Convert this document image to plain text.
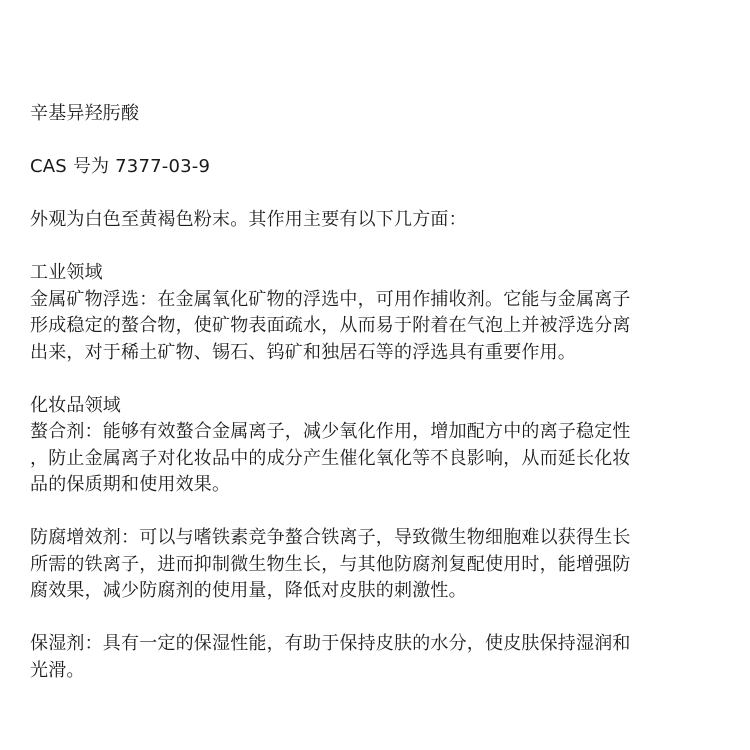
辛基异羟肟酸
CAS 号为 7377-03-9
外观为白色至黄褐色粉末。其作用主要有以下几方面：
工业领域
金属矿物浮选：在金属氧化矿物的浮选中，可用作捕收剂。它能与金属离子
形成稳定的螯合物，使矿物表面疏水，从而易于附着在气泡上并被浮选分离
出来，对于稀土矿物、锡石、钨矿和独居石等的浮选具有重要作用。
化妆品领域
螯合剂：能够有效螯合金属离子，减少氧化作用，增加配方中的离子稳定性
，防止金属离子对化妆品中的成分产生催化氧化等不良影响，从而延长化妆
品的保质期和使用效果。
防腐增效剂：可以与嗜铁素竞争螯合铁离子，导致微生物细胞难以获得生长
所需的铁离子，进而抑制微生物生长，与其他防腐剂复配使用时，能增强防
腐效果，减少防腐剂的使用量，降低对皮肤的刺激性。
保湿剂：具有一定的保湿性能，有助于保持皮肤的水分，使皮肤保持湿润和
光滑。
